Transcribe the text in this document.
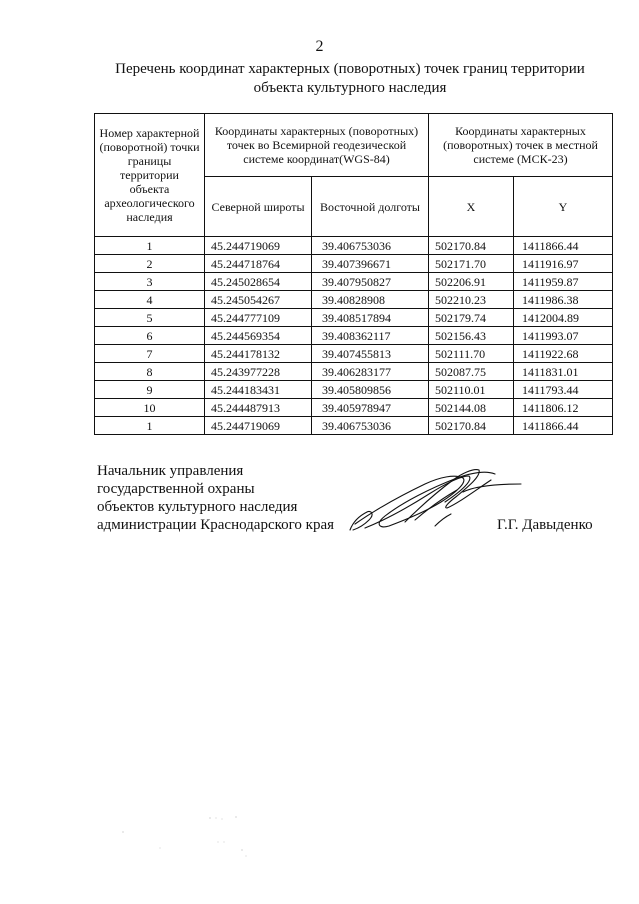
2
Перечень координат характерных (поворотных) точек границ территории
объекта культурного наследия
Номер характерной (поворотной) точки границы территории объекта археологического наследия	Координаты характерных (поворотных) точек во Всемирной геодезической системе координат(WGS-84)		Координаты характерных (поворотных) точек в местной системе (МСК-23)	
	Северной широты	Восточной долготы	X	Y
1	45.244719069	39.406753036	502170.84	1411866.44
2	45.244718764	39.407396671	502171.70	1411916.97
3	45.245028654	39.407950827	502206.91	1411959.87
4	45.245054267	39.40828908	502210.23	1411986.38
5	45.244777109	39.408517894	502179.74	1412004.89
6	45.244569354	39.408362117	502156.43	1411993.07
7	45.244178132	39.407455813	502111.70	1411922.68
8	45.243977228	39.406283177	502087.75	1411831.01
9	45.244183431	39.405809856	502110.01	1411793.44
10	45.244487913	39.405978947	502144.08	1411806.12
1	45.244719069	39.406753036	502170.84	1411866.44
Начальник управления
государственной охраны
объектов культурного наследия
администрации Краснодарского края	Г.Г. Давыденко
